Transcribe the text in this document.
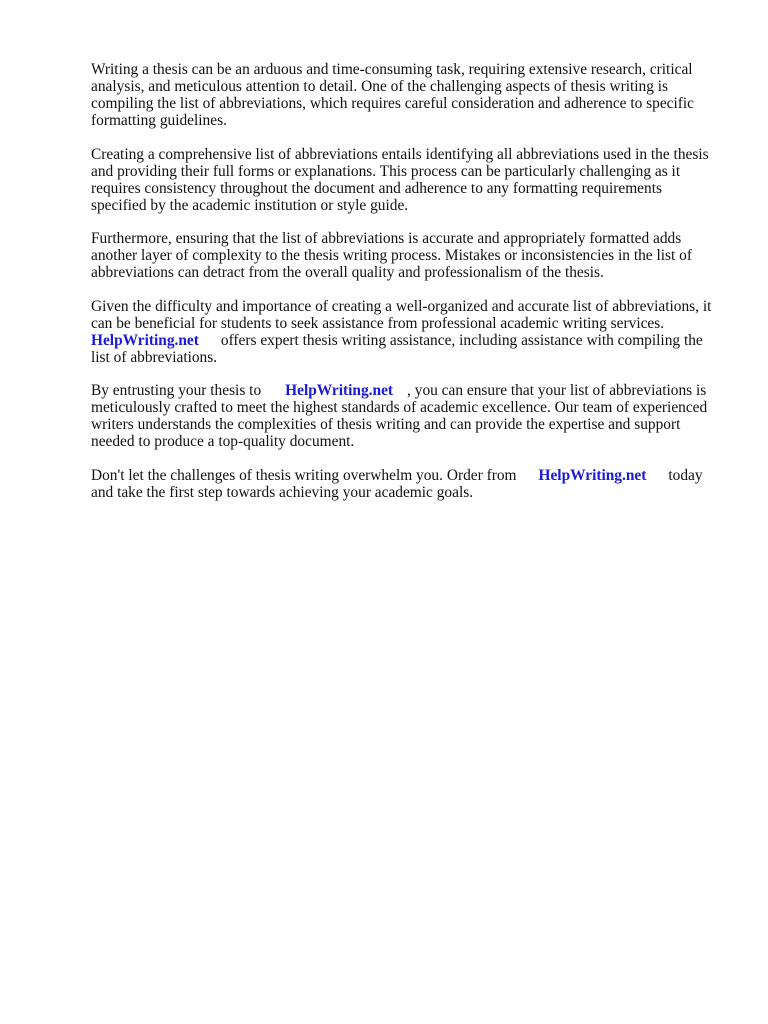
Writing a thesis can be an arduous and time-consuming task, requiring extensive research, critical analysis, and meticulous attention to detail. One of the challenging aspects of thesis writing is compiling the list of abbreviations, which requires careful consideration and adherence to specific formatting guidelines.

Creating a comprehensive list of abbreviations entails identifying all abbreviations used in the thesis and providing their full forms or explanations. This process can be particularly challenging as it requires consistency throughout the document and adherence to any formatting requirements specified by the academic institution or style guide.

Furthermore, ensuring that the list of abbreviations is accurate and appropriately formatted adds another layer of complexity to the thesis writing process. Mistakes or inconsistencies in the list of abbreviations can detract from the overall quality and professionalism of the thesis.

Given the difficulty and importance of creating a well-organized and accurate list of abbreviations, it can be beneficial for students to seek assistance from professional academic writing services. HelpWriting.net offers expert thesis writing assistance, including assistance with compiling the list of abbreviations.

By entrusting your thesis to HelpWriting.net , you can ensure that your list of abbreviations is meticulously crafted to meet the highest standards of academic excellence. Our team of experienced writers understands the complexities of thesis writing and can provide the expertise and support needed to produce a top-quality document.

Don't let the challenges of thesis writing overwhelm you. Order from HelpWriting.net today and take the first step towards achieving your academic goals.
